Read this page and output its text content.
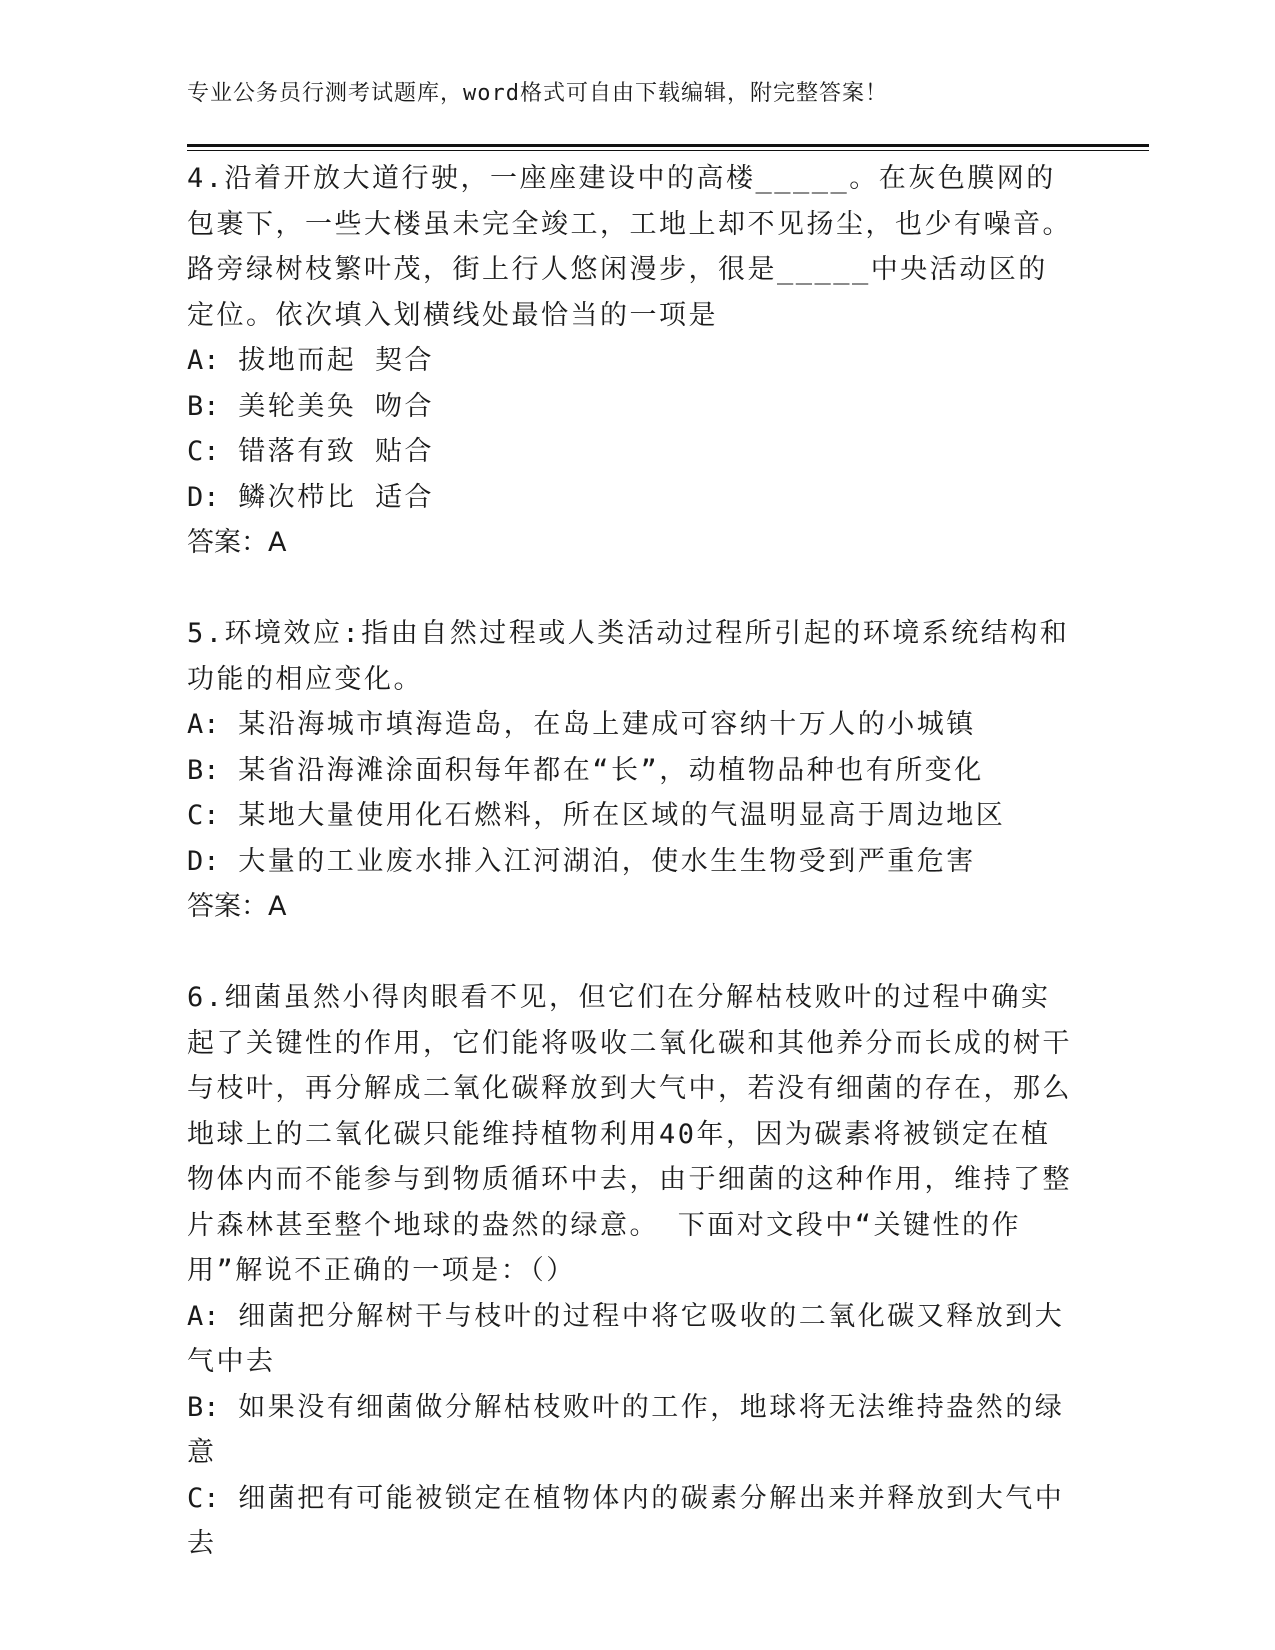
专业公务员行测考试题库，word格式可自由下载编辑，附完整答案！
4.沿着开放大道行驶，一座座建设中的高楼_____。在灰色膜网的包裹下，一些大楼虽未完全竣工，工地上却不见扬尘，也少有噪音。路旁绿树枝繁叶茂，街上行人悠闲漫步，很是_____中央活动区的定位。依次填入划横线处最恰当的一项是
A: 拔地而起 契合
B: 美轮美奂 吻合
C: 错落有致 贴合
D: 鳞次栉比 适合
答案：A
5.环境效应:指由自然过程或人类活动过程所引起的环境系统结构和功能的相应变化。
A: 某沿海城市填海造岛，在岛上建成可容纳十万人的小城镇
B: 某省沿海滩涂面积每年都在“长”，动植物品种也有所变化
C: 某地大量使用化石燃料，所在区域的气温明显高于周边地区
D: 大量的工业废水排入江河湖泊，使水生生物受到严重危害
答案：A
6.细菌虽然小得肉眼看不见，但它们在分解枯枝败叶的过程中确实起了关键性的作用，它们能将吸收二氧化碳和其他养分而长成的树干与枝叶，再分解成二氧化碳释放到大气中，若没有细菌的存在，那么地球上的二氧化碳只能维持植物利用40年，因为碳素将被锁定在植物体内而不能参与到物质循环中去，由于细菌的这种作用，维持了整片森林甚至整个地球的盎然的绿意。 下面对文段中“关键性的作用”解说不正确的一项是：（）
A: 细菌把分解树干与枝叶的过程中将它吸收的二氧化碳又释放到大气中去
B: 如果没有细菌做分解枯枝败叶的工作，地球将无法维持盎然的绿意
C: 细菌把有可能被锁定在植物体内的碳素分解出来并释放到大气中去
